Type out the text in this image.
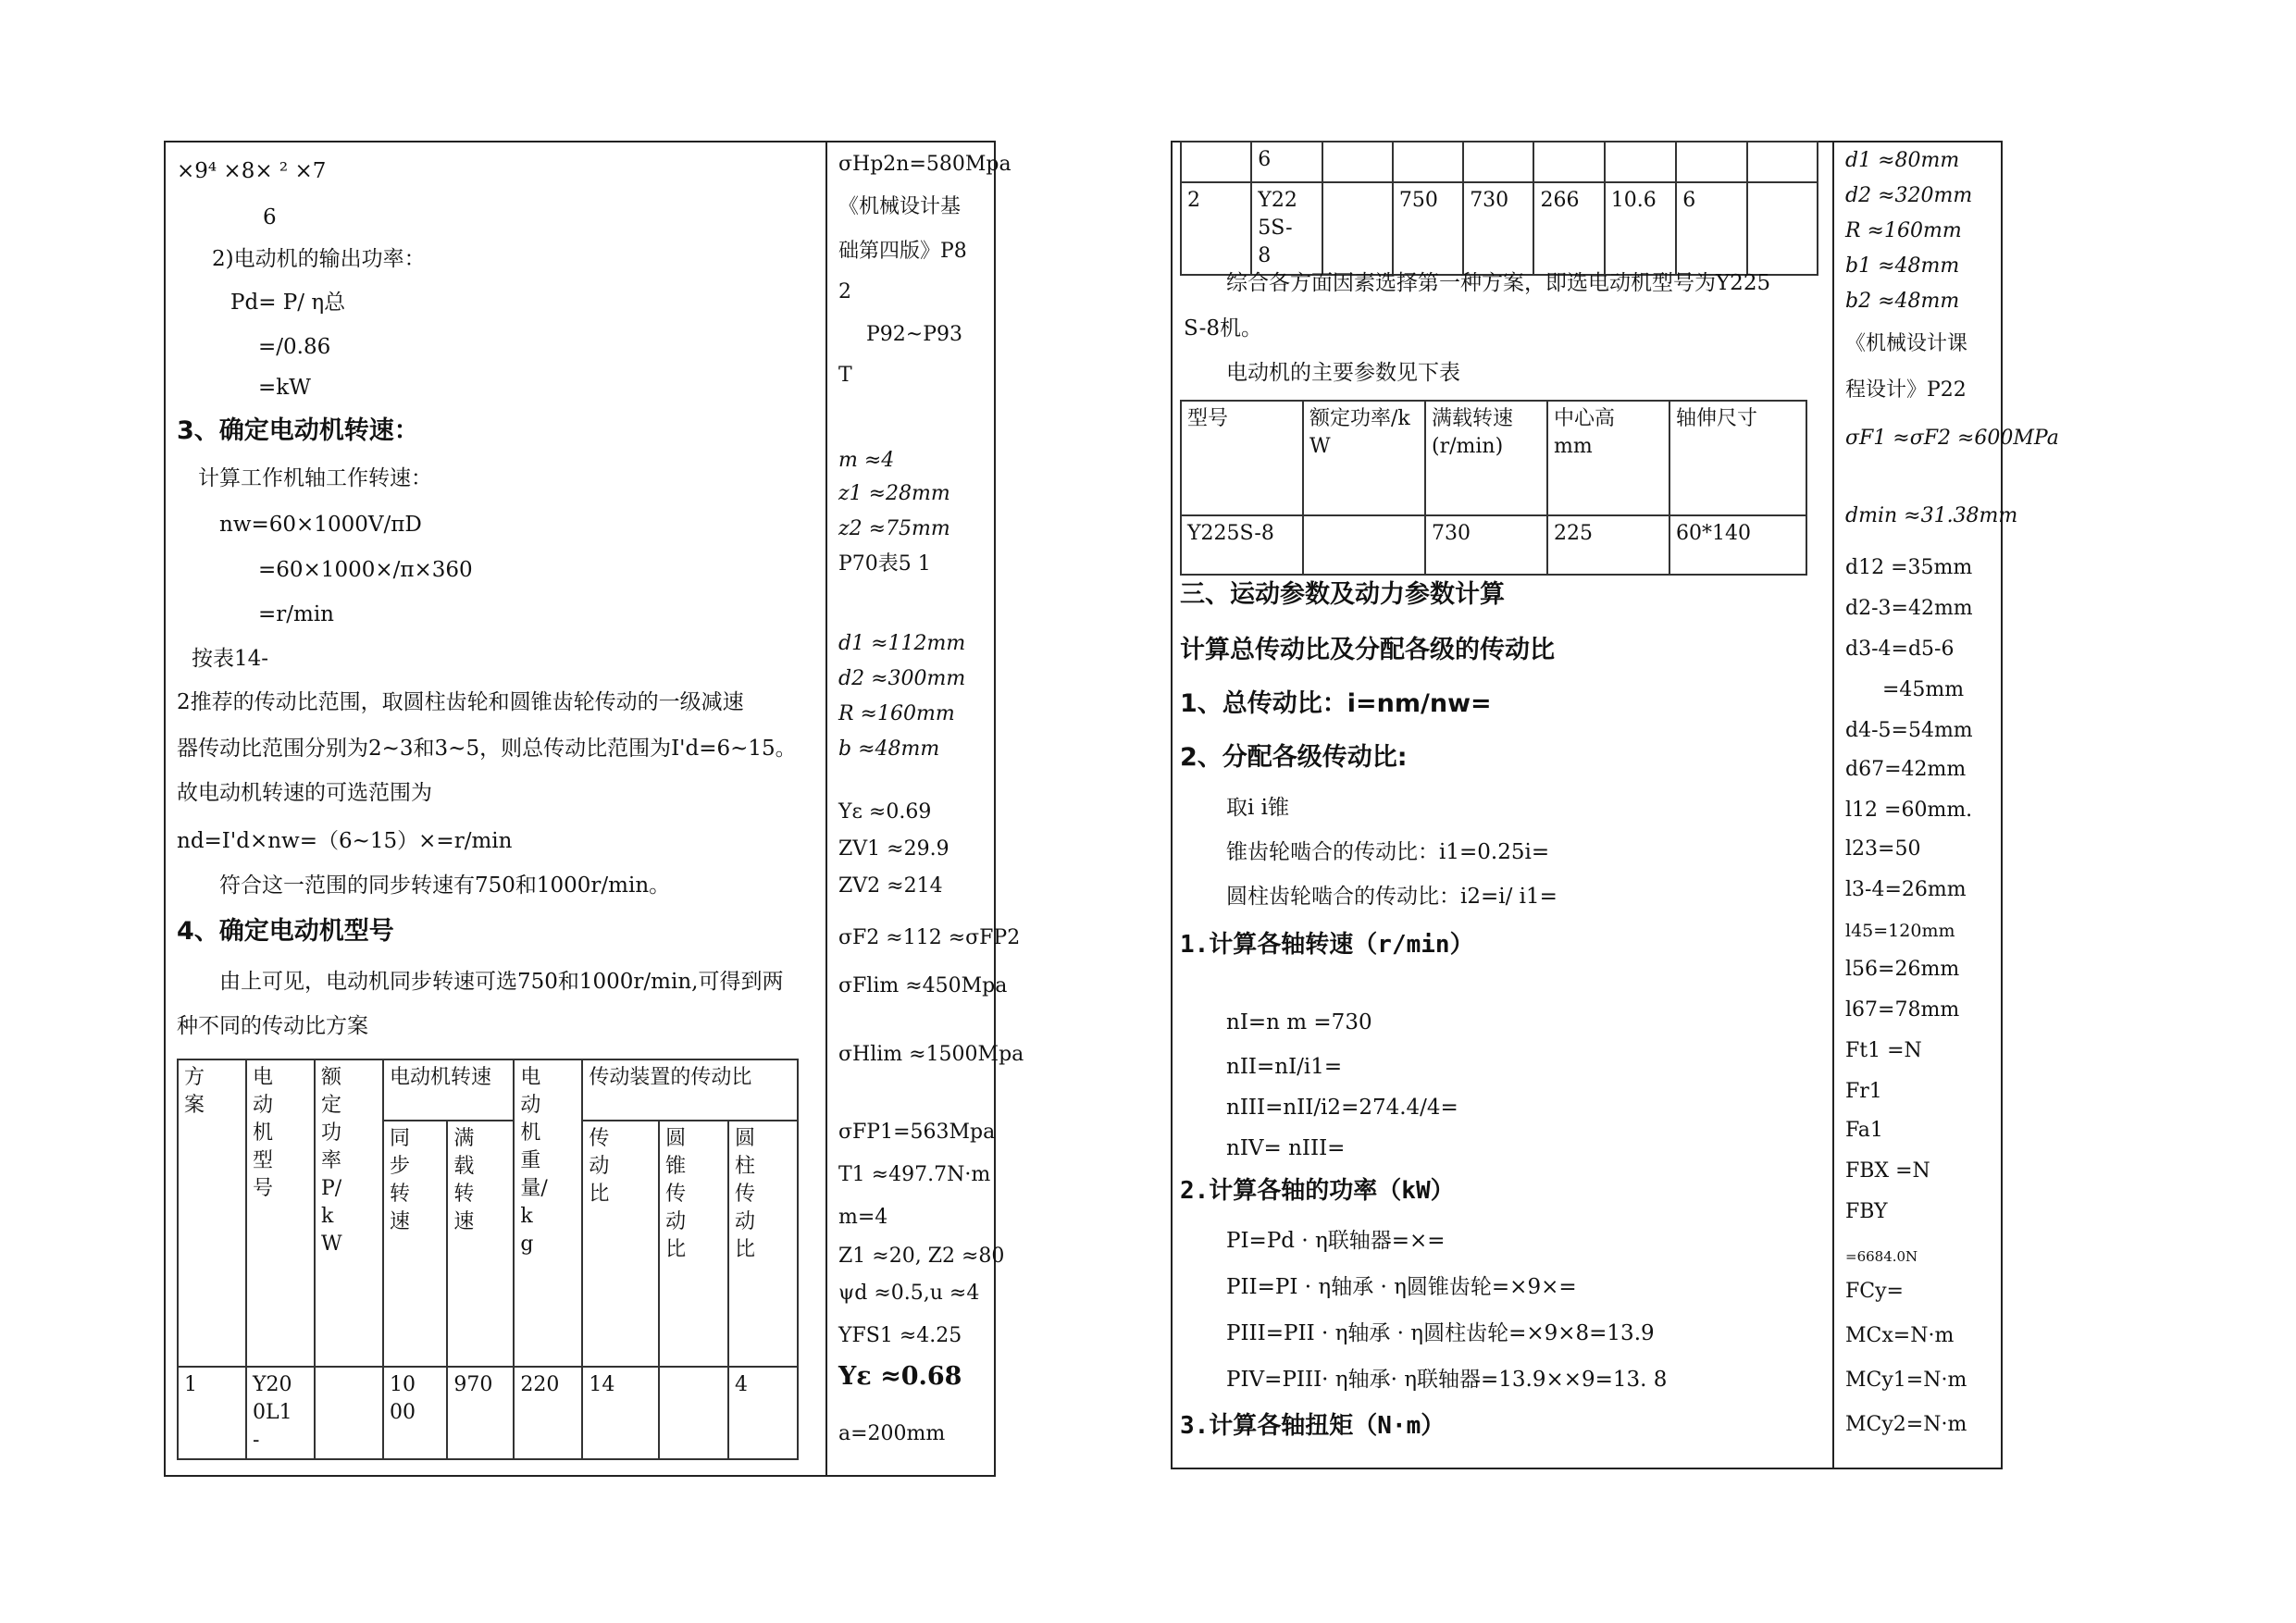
×9⁴ ×8× ² ×7
6
2)电动机的输出功率：
Pd= P/ η总
=/0.86
=kW
3、确定电动机转速：
计算工作机轴工作转速：
nw=60×1000V/πD
=60×1000×/π×360
=r/min
按表14-
2推荐的传动比范围，取圆柱齿轮和圆锥齿轮传动的一级减速
器传动比范围分别为2~3和3~5，则总传动比范围为I'd=6~15。
故电动机转速的可选范围为
nd=I'd×nw=（6~15）×=r/min
符合这一范围的同步转速有750和1000r/min。
4、确定电动机型号
由上可见，电动机同步转速可选750和1000r/min,可得到两
种不同的传动比方案
方案	电动机型号	额定功率P/kW	电动机转速		电动机重量/kg	传动装置的传动比		

			同步转速	满载转速		传动比	圆锥传动比	圆柱传动比

1	Y200L1-		1000	970	220	14		4
σHp2n=580Mpa
《机械设计基
础第四版》P8
2
P92~P93
T
m ≈4
z1 ≈28mm
z2 ≈75mm
P70表5 1
d1 ≈112mm
d2 ≈300mm
R ≈160mm
b ≈48mm
Yε ≈0.69
ZV1 ≈29.9
ZV2 ≈214
σF2 ≈112 ≈σFP2
σFlim ≈450Mpa
σHlim ≈1500Mpa
σFP1=563Mpa
T1 ≈497.7N·m
m=4
Z1 ≈20, Z2 ≈80
ψd ≈0.5,u ≈4
YFS1 ≈4.25
Yε ≈0.68
a=200mm
	6							
2	Y225S-8		750	730	266	10.6	6	
综合各方面因素选择第一种方案，即选电动机型号为Y225
S-8机。
电动机的主要参数见下表
型号	额定功率/kW	满载转速(r/min)	中心高mm	轴伸尺寸
Y225S-8		730	225	60*140
三、运动参数及动力参数计算
计算总传动比及分配各级的传动比
1、总传动比：i=nm/nw=
2、分配各级传动比:
取i i锥
锥齿轮啮合的传动比：i1=0.25i=
圆柱齿轮啮合的传动比：i2=i/ i1=
1.计算各轴转速（r/min）
nI=n m =730
nII=nI/i1=
nIII=nII/i2=274.4/4=
nIV= nIII=
2.计算各轴的功率（kW）
PI=Pd · η联轴器=×=
PII=PI · η轴承 · η圆锥齿轮=×9×=
PIII=PII · η轴承 · η圆柱齿轮=×9×8=13.9
PIV=PIII· η轴承· η联轴器=13.9××9=13. 8
3.计算各轴扭矩（N·m）
d1 ≈80mm
d2 ≈320mm
R ≈160mm
b1 ≈48mm
b2 ≈48mm
《机械设计课
程设计》P22
σF1 ≈σF2 ≈600MPa
dmin ≈31.38mm
d12 =35mm
d2-3=42mm
d3-4=d5-6
=45mm
d4-5=54mm
d67=42mm
l12 =60mm.
l23=50
l3-4=26mm
l45=120mm
l56=26mm
l67=78mm
Ft1 =N
Fr1
Fa1
FBX =N
FBY
=6684.0N
FCy=
MCx=N·m
MCy1=N·m
MCy2=N·m
